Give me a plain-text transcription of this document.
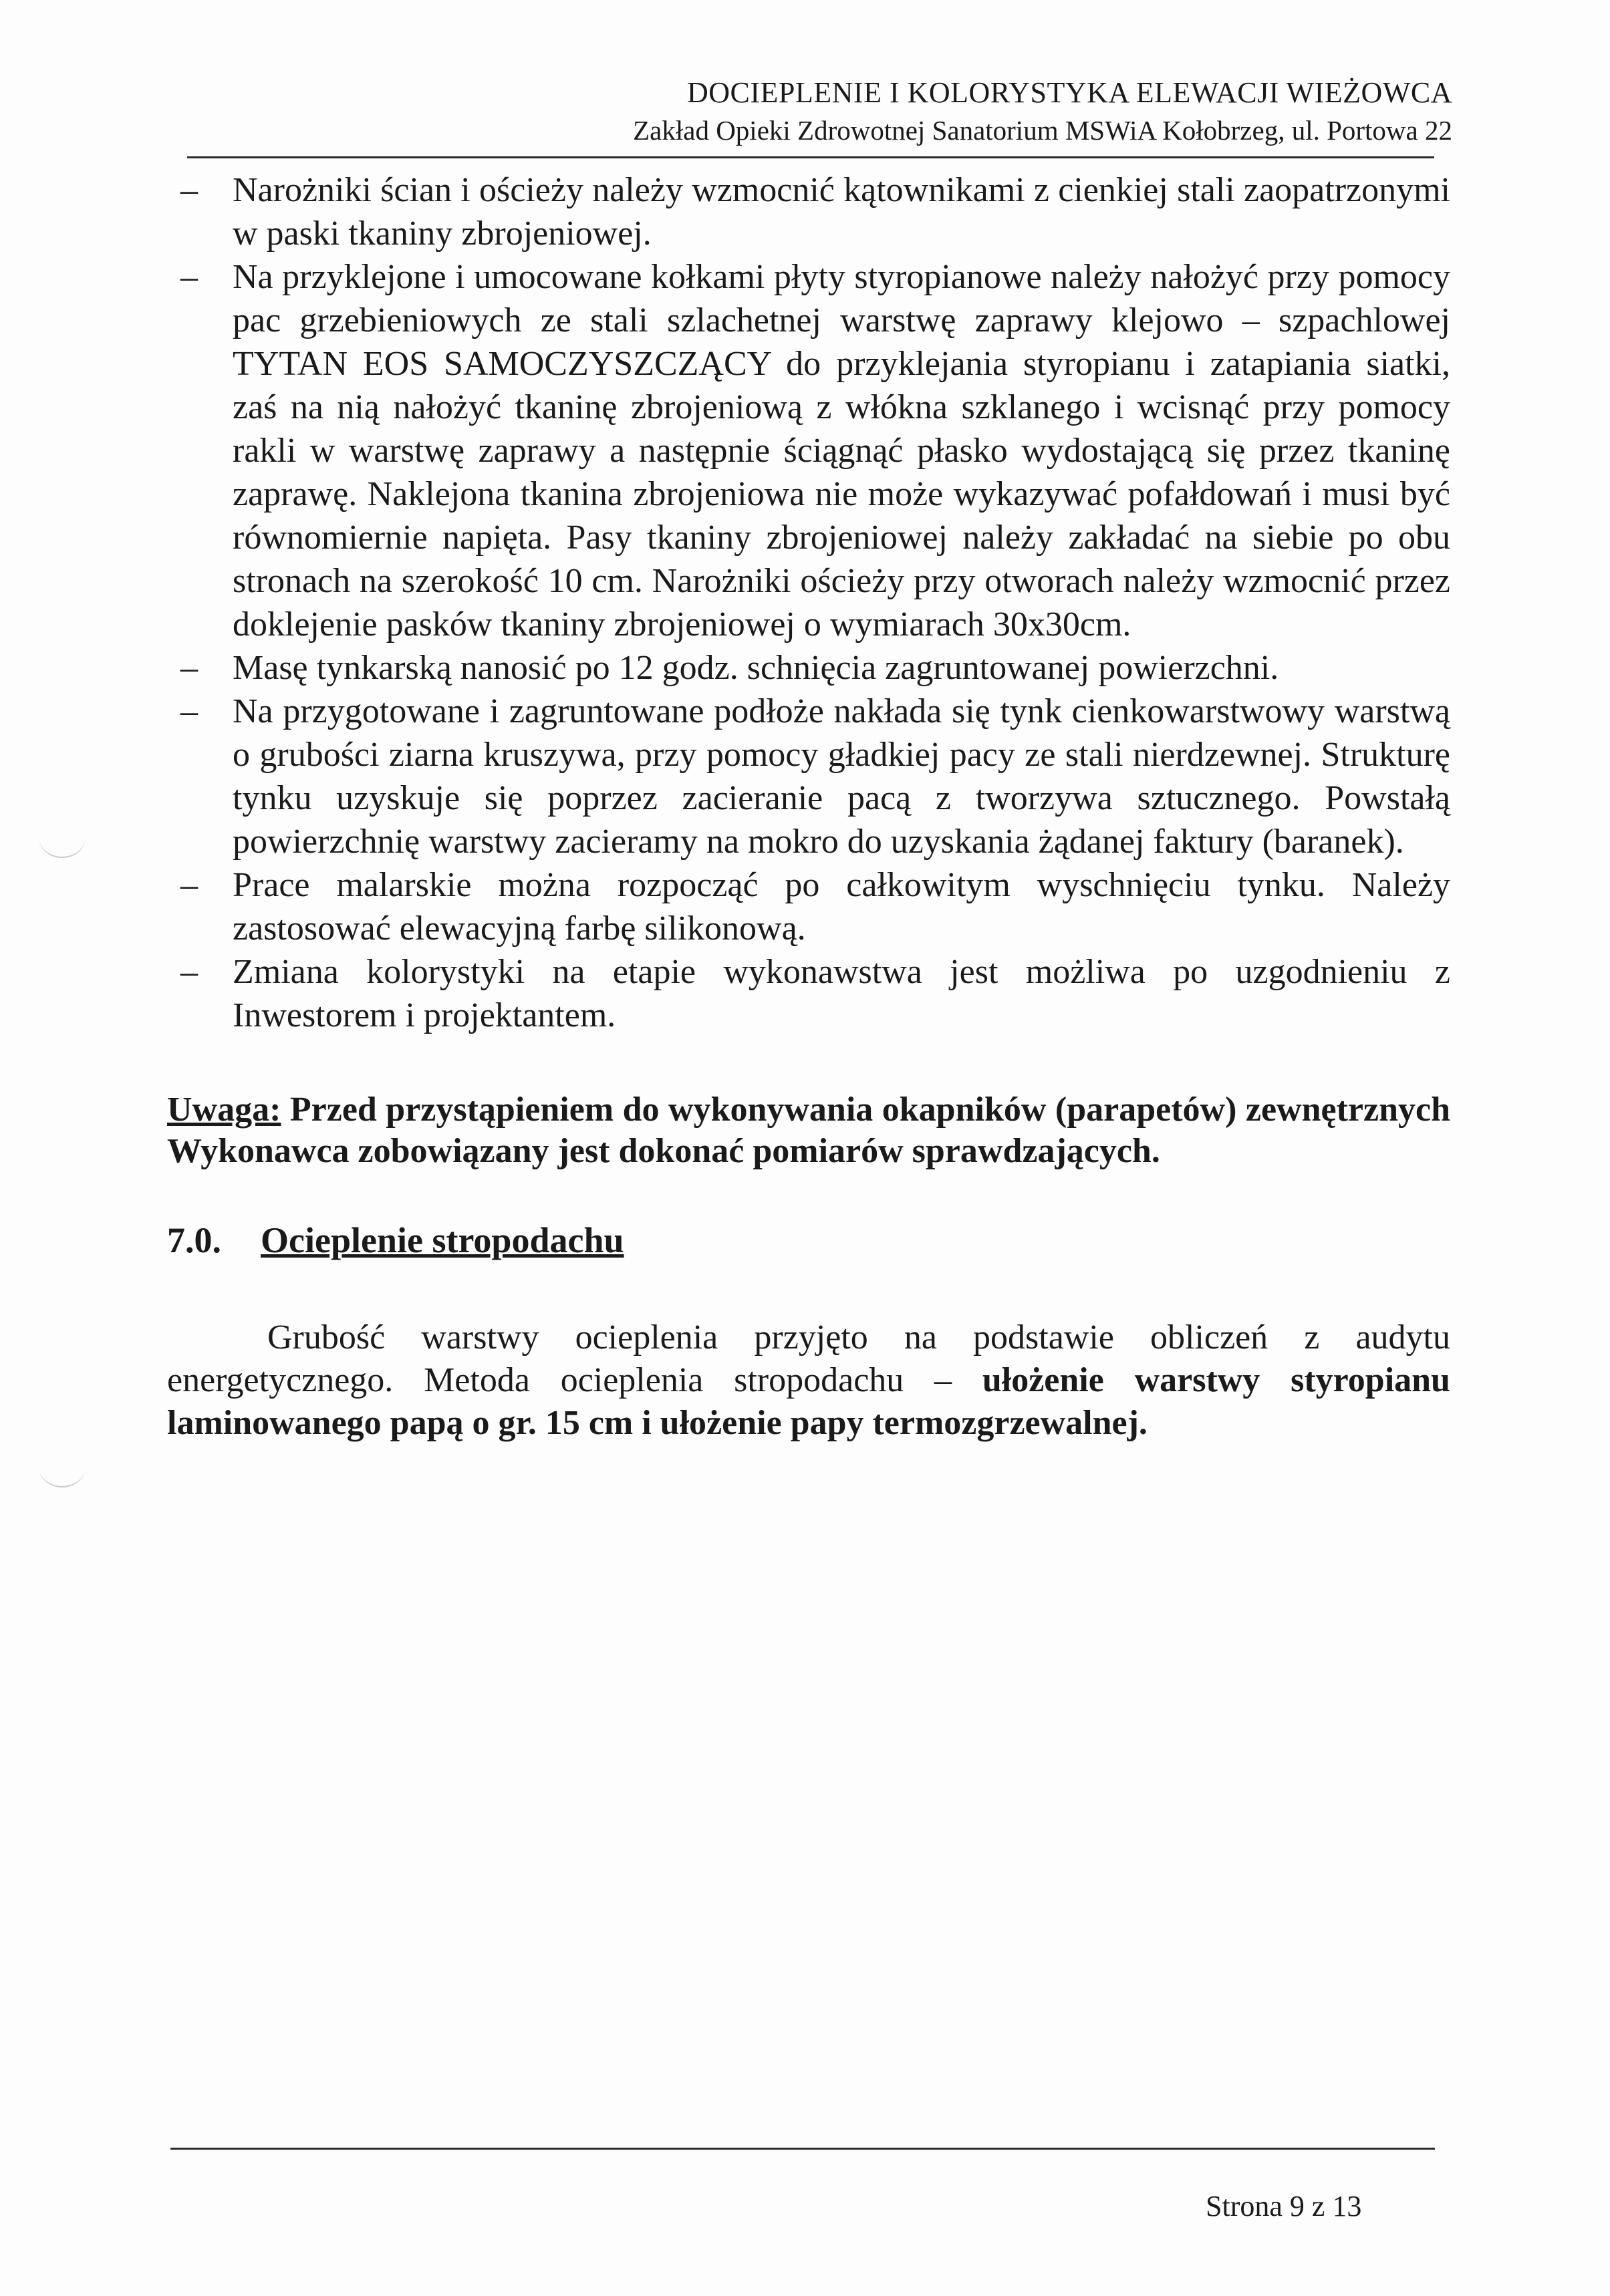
DOCIEPLENIE I KOLORYSTYKA ELEWACJI WIEŻOWCA
Zakład Opieki Zdrowotnej Sanatorium MSWiA Kołobrzeg, ul. Portowa 22
– Narożniki ścian i ościeży należy wzmocnić kątownikami z cienkiej stali zaopatrzonymi w paski tkaniny zbrojeniowej.
– Na przyklejone i umocowane kołkami płyty styropianowe należy nałożyć przy pomocy pac grzebieniowych ze stali szlachetnej warstwę zaprawy klejowo – szpachlowej TYTAN EOS SAMOCZYSZCZĄCY do przyklejania styropianu i zatapiania siatki, zaś na nią nałożyć tkaninę zbrojeniową z włókna szklanego i wcisnąć przy pomocy rakli w warstwę zaprawy a następnie ściągnąć płasko wydostającą się przez tkaninę zaprawę. Naklejona tkanina zbrojeniowa nie może wykazywać pofałdowań i musi być równomiernie napięta. Pasy tkaniny zbrojeniowej należy zakładać na siebie po obu stronach na szerokość 10 cm. Narożniki ościeży przy otworach należy wzmocnić przez doklejenie pasków tkaniny zbrojeniowej o wymiarach 30x30cm.
– Masę tynkarską nanosić po 12 godz. schnięcia zagruntowanej powierzchni.
– Na przygotowane i zagruntowane podłoże nakłada się tynk cienkowarstwowy warstwą o grubości ziarna kruszywa, przy pomocy gładkiej pacy ze stali nierdzewnej. Strukturę tynku uzyskuje się poprzez zacieranie pacą z tworzywa sztucznego. Powstałą powierzchnię warstwy zacieramy na mokro do uzyskania żądanej faktury (baranek).
– Prace malarskie można rozpocząć po całkowitym wyschnięciu tynku. Należy zastosować elewacyjną farbę silikonową.
– Zmiana kolorystyki na etapie wykonawstwa jest możliwa po uzgodnieniu z Inwestorem i projektantem.
Uwaga: Przed przystąpieniem do wykonywania okapników (parapetów) zewnętrznych Wykonawca zobowiązany jest dokonać pomiarów sprawdzających.
7.0.	Ocieplenie stropodachu
Grubość warstwy ocieplenia przyjęto na podstawie obliczeń z audytu energetycznego. Metoda ocieplenia stropodachu – ułożenie warstwy styropianu laminowanego papą o gr. 15 cm i ułożenie papy termozgrzewalnej.
Strona 9 z 13
